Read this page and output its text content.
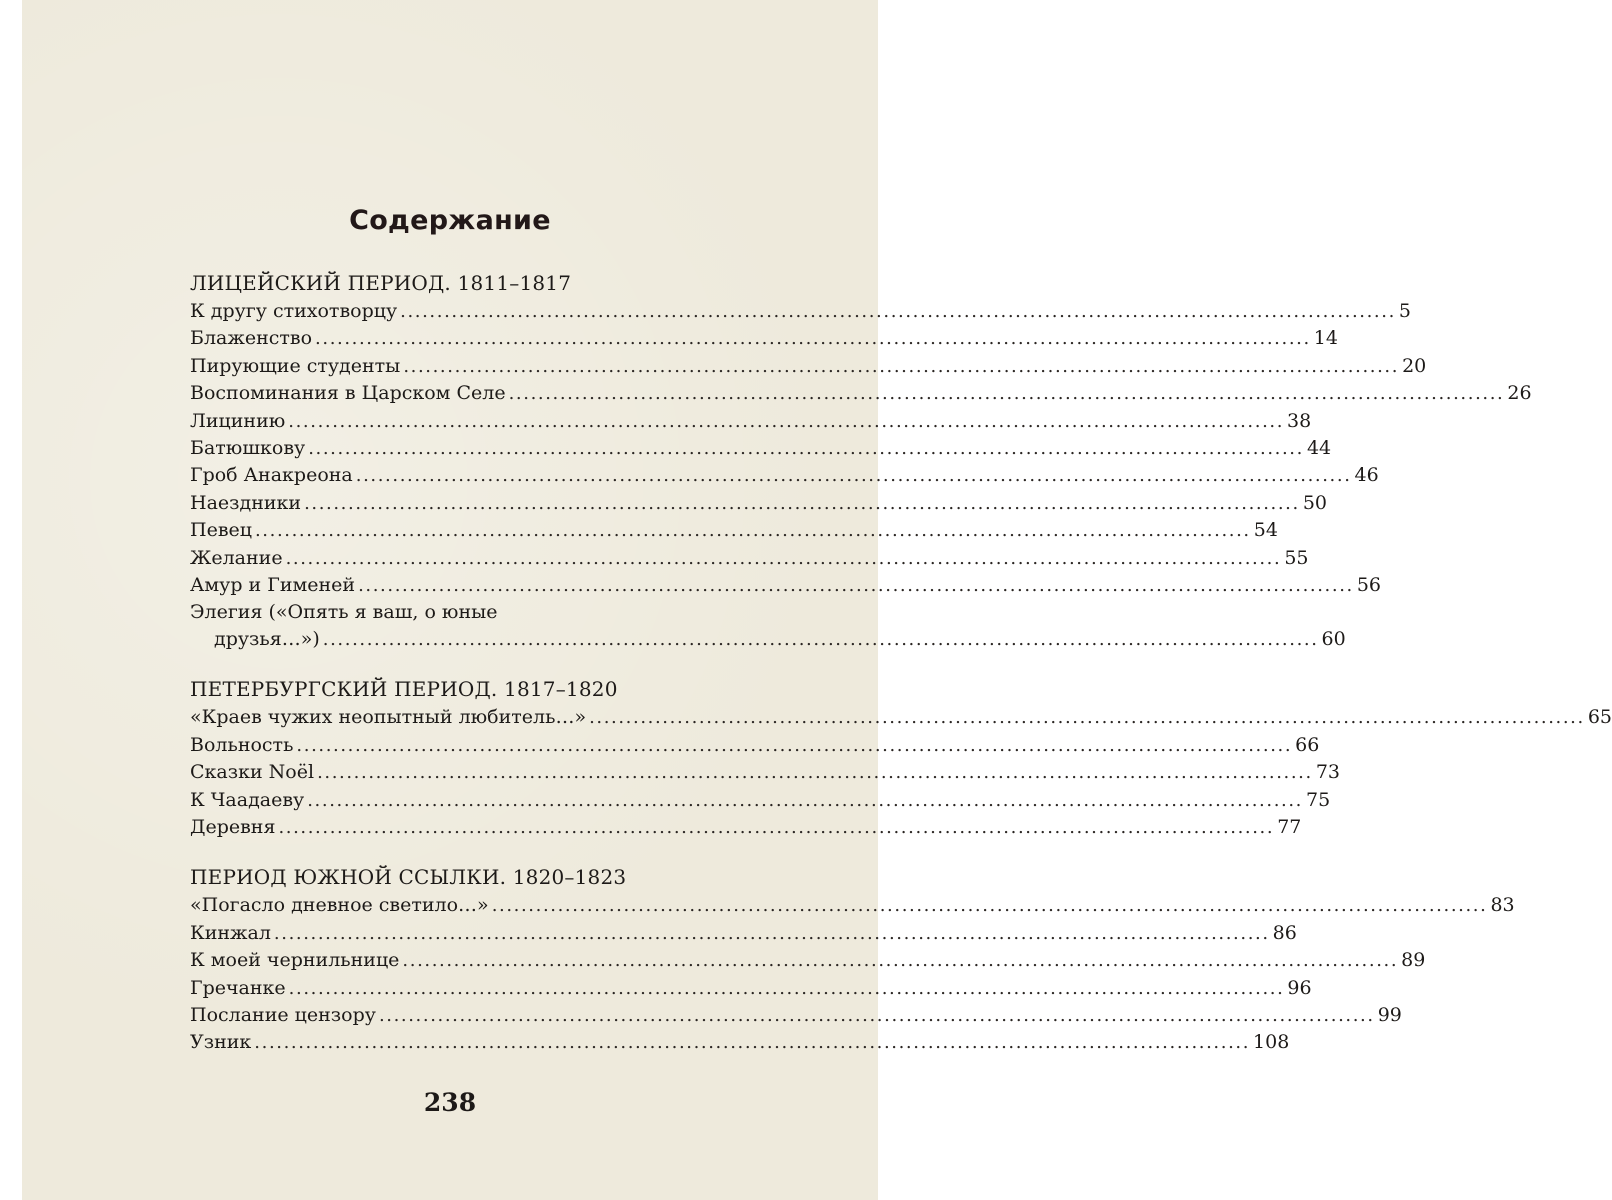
Содержание
ЛИЦЕЙСКИЙ ПЕРИОД. 1811–1817
К другу стихотворцу ........................................................................................................................................ 5
Блаженство ........................................................................................................................................ 14
Пирующие студенты ........................................................................................................................................ 20
Воспоминания в Царском Селе ........................................................................................................................................ 26
Лицинию ........................................................................................................................................ 38
Батюшкову ........................................................................................................................................ 44
Гроб Анакреона ........................................................................................................................................ 46
Наездники ........................................................................................................................................ 50
Певец ........................................................................................................................................ 54
Желание ........................................................................................................................................ 55
Амур и Гименей ........................................................................................................................................ 56
Элегия («Опять я ваш, о юные
друзья…») ........................................................................................................................................ 60
ПЕТЕРБУРГСКИЙ ПЕРИОД. 1817–1820
«Краев чужих неопытный любитель…» ........................................................................................................................................ 65
Вольность ........................................................................................................................................ 66
Сказки Noёl ........................................................................................................................................ 73
К Чаадаеву ........................................................................................................................................ 75
Деревня ........................................................................................................................................ 77
ПЕРИОД ЮЖНОЙ ССЫЛКИ. 1820–1823
«Погасло дневное светило…» ........................................................................................................................................ 83
Кинжал ........................................................................................................................................ 86
К моей чернильнице ........................................................................................................................................ 89
Гречанке ........................................................................................................................................ 96
Послание цензору ........................................................................................................................................ 99
Узник ........................................................................................................................................ 108
238
